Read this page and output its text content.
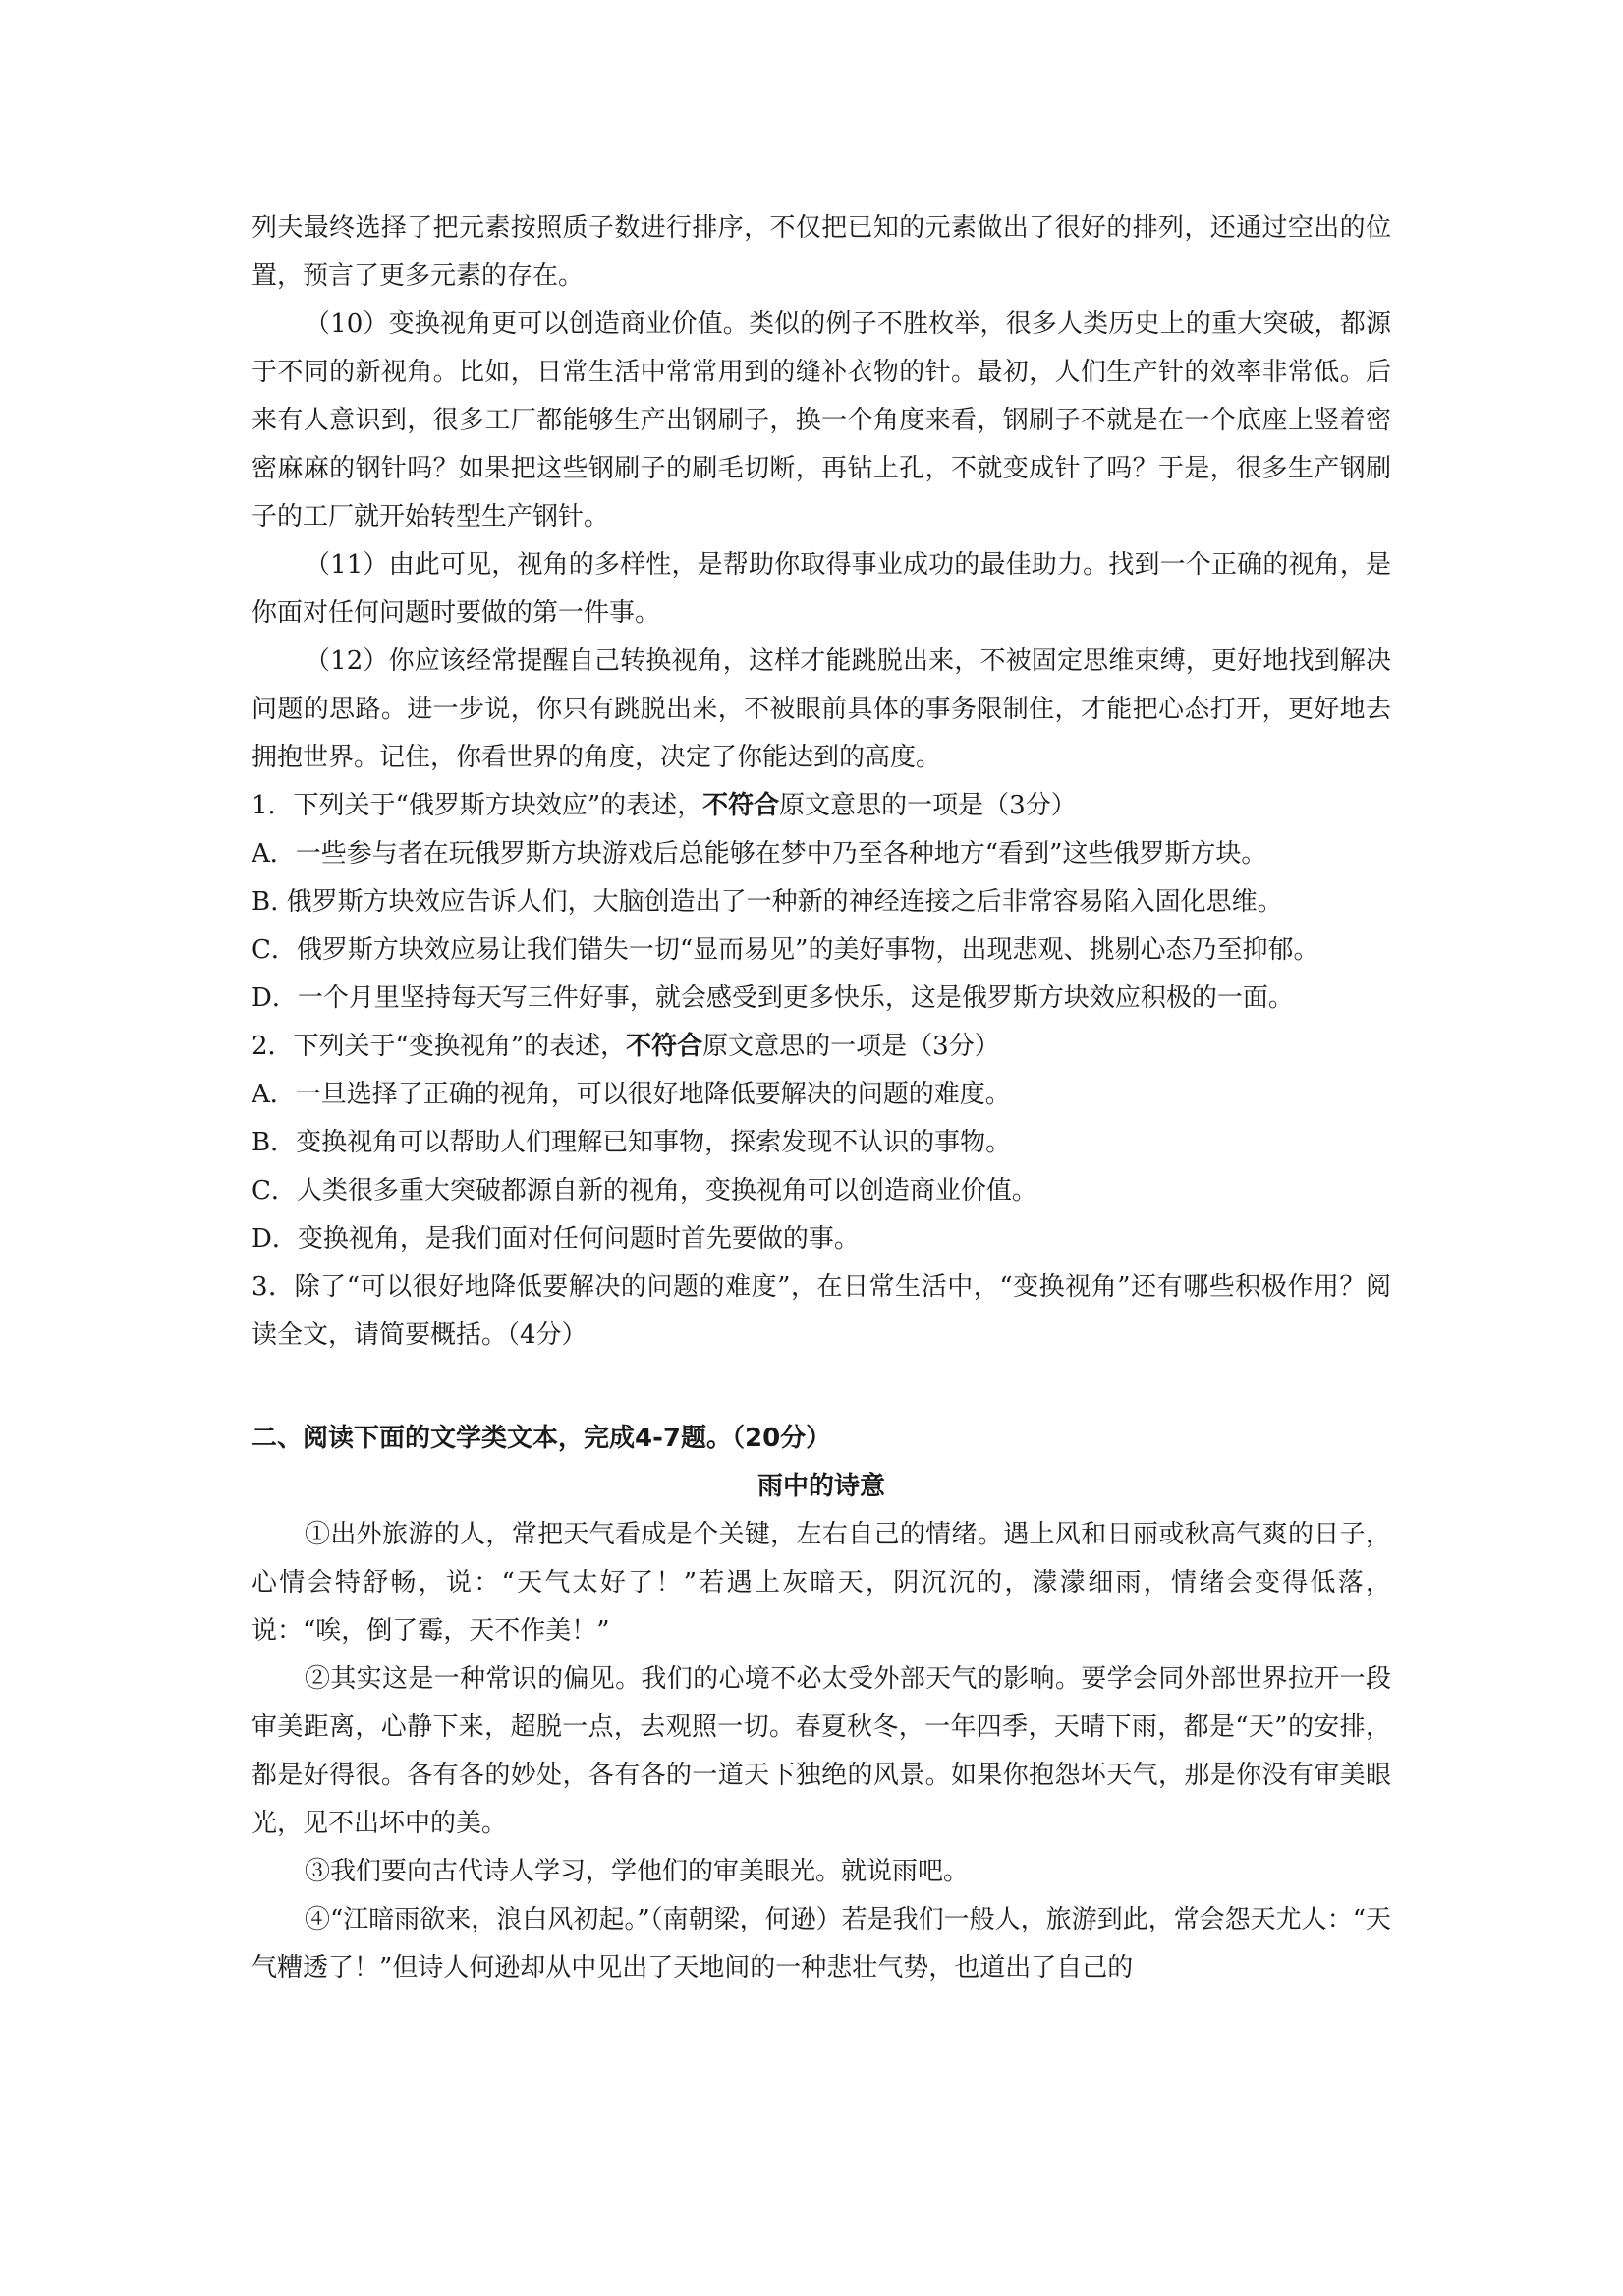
列夫最终选择了把元素按照质子数进行排序，不仅把已知的元素做出了很好的排列，还通过空出的位置，预言了更多元素的存在。

（10）变换视角更可以创造商业价值。类似的例子不胜枚举，很多人类历史上的重大突破，都源于不同的新视角。比如，日常生活中常常用到的缝补衣物的针。最初，人们生产针的效率非常低。后来有人意识到，很多工厂都能够生产出钢刷子，换一个角度来看，钢刷子不就是在一个底座上竖着密密麻麻的钢针吗？如果把这些钢刷子的刷毛切断，再钻上孔，不就变成针了吗？于是，很多生产钢刷子的工厂就开始转型生产钢针。

（11）由此可见，视角的多样性，是帮助你取得事业成功的最佳助力。找到一个正确的视角，是你面对任何问题时要做的第一件事。

（12）你应该经常提醒自己转换视角，这样才能跳脱出来，不被固定思维束缚，更好地找到解决问题的思路。进一步说，你只有跳脱出来，不被眼前具体的事务限制住，才能把心态打开，更好地去拥抱世界。记住，你看世界的角度，决定了你能达到的高度。

1．下列关于“俄罗斯方块效应”的表述，不符合原文意思的一项是（3分）

A．一些参与者在玩俄罗斯方块游戏后总能够在梦中乃至各种地方“看到”这些俄罗斯方块。

B. 俄罗斯方块效应告诉人们，大脑创造出了一种新的神经连接之后非常容易陷入固化思维。

C．俄罗斯方块效应易让我们错失一切“显而易见”的美好事物，出现悲观、挑剔心态乃至抑郁。

D．一个月里坚持每天写三件好事，就会感受到更多快乐，这是俄罗斯方块效应积极的一面。

2．下列关于“变换视角”的表述，不符合原文意思的一项是（3分）

A．一旦选择了正确的视角，可以很好地降低要解决的问题的难度。

B．变换视角可以帮助人们理解已知事物，探索发现不认识的事物。

C．人类很多重大突破都源自新的视角，变换视角可以创造商业价值。

D．变换视角，是我们面对任何问题时首先要做的事。

3．除了“可以很好地降低要解决的问题的难度”，在日常生活中，“变换视角”还有哪些积极作用？阅读全文，请简要概括。（4分）

二、阅读下面的文学类文本，完成4-7题。（20分）

雨中的诗意

①出外旅游的人，常把天气看成是个关键，左右自己的情绪。遇上风和日丽或秋高气爽的日子，心情会特舒畅，说：“天气太好了！”若遇上灰暗天，阴沉沉的，濛濛细雨，情绪会变得低落，说：“唉，倒了霉，天不作美！”

②其实这是一种常识的偏见。我们的心境不必太受外部天气的影响。要学会同外部世界拉开一段审美距离，心静下来，超脱一点，去观照一切。春夏秋冬，一年四季，天晴下雨，都是“天”的安排，都是好得很。各有各的妙处，各有各的一道天下独绝的风景。如果你抱怨坏天气，那是你没有审美眼光，见不出坏中的美。

③我们要向古代诗人学习，学他们的审美眼光。就说雨吧。

④“江暗雨欲来，浪白风初起。”（南朝梁，何逊）若是我们一般人，旅游到此，常会怨天尤人：“天气糟透了！”但诗人何逊却从中见出了天地间的一种悲壮气势，也道出了自己的
